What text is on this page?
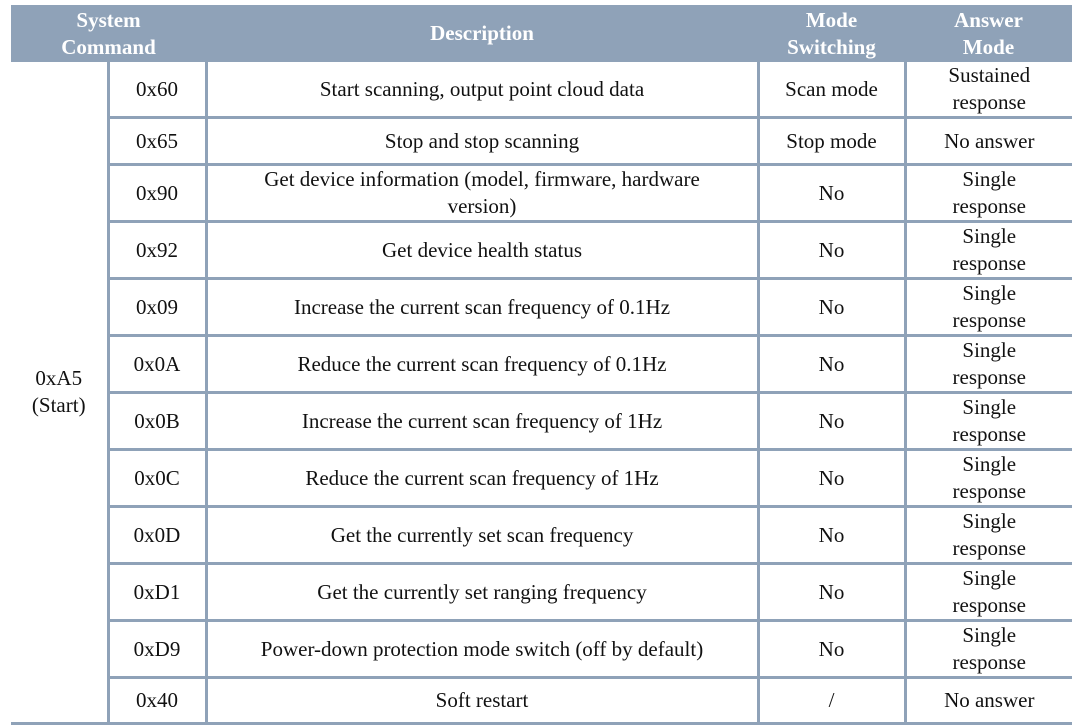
System Command		Description	Mode Switching	Answer Mode

0xA5
(Start)	0x60	Start scanning, output point cloud data	Scan mode	Sustained response
	0x65	Stop and stop scanning	Stop mode	No answer
	0x90	Get device information (model, firmware, hardware version)	No	Single response
	0x92	Get device health status	No	Single response
	0x09	Increase the current scan frequency of 0.1Hz	No	Single response
	0x0A	Reduce the current scan frequency of 0.1Hz	No	Single response
	0x0B	Increase the current scan frequency of 1Hz	No	Single response
	0x0C	Reduce the current scan frequency of 1Hz	No	Single response
	0x0D	Get the currently set scan frequency	No	Single response
	0xD1	Get the currently set ranging frequency	No	Single response
	0xD9	Power-down protection mode switch (off by default)	No	Single response
	0x40	Soft restart	/	No answer
